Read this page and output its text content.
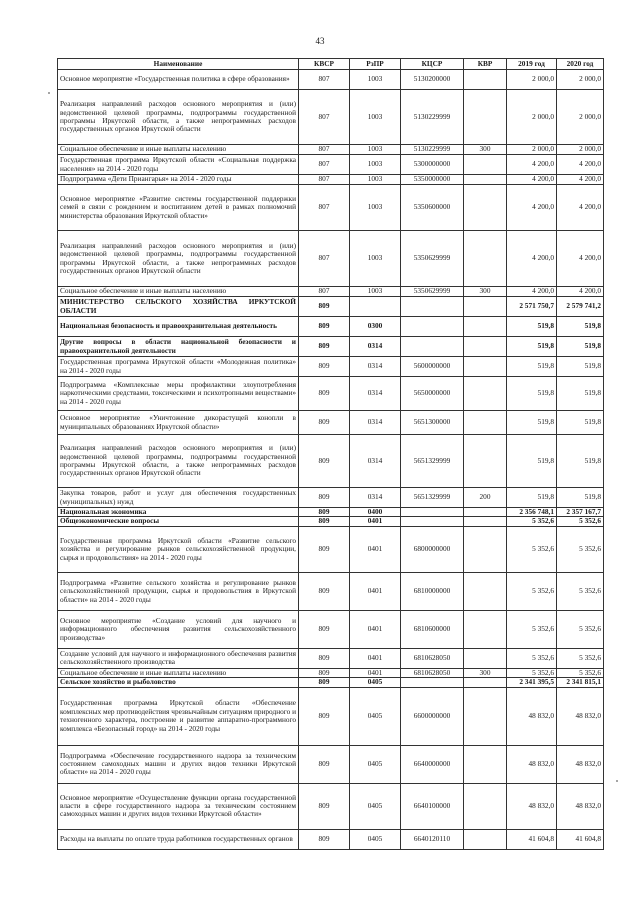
43
Наименование	КВСР	РзПР	КЦСР	КВР	2019 год	2020 год
Основное мероприятие «Государственная политика в сфере образования»	807	1003	5130200000		2 000,0	2 000,0
Реализация направлений расходов основного мероприятия и (или) ведомственной целевой программы, подпрограммы государственной программы Иркутской области, а также непрограммных расходов государственных органов Иркутской области	807	1003	5130229999		2 000,0	2 000,0
Социальное обеспечение и иные выплаты населению	807	1003	5130229999	300	2 000,0	2 000,0
Государственная программа Иркутской области «Социальная поддержка населения» на 2014 - 2020 годы	807	1003	5300000000		4 200,0	4 200,0
Подпрограмма «Дети Приангарья» на 2014 - 2020 годы	807	1003	5350000000		4 200,0	4 200,0
Основное мероприятие «Развитие системы государственной поддержки семей в связи с рождением и воспитанием детей в рамках полномочий министерства образования Иркутской области»	807	1003	5350600000		4 200,0	4 200,0
Реализация направлений расходов основного мероприятия и (или) ведомственной целевой программы, подпрограммы государственной программы Иркутской области, а также непрограммных расходов государственных органов Иркутской области	807	1003	5350629999		4 200,0	4 200,0
Социальное обеспечение и иные выплаты населению	807	1003	5350629999	300	4 200,0	4 200,0
МИНИСТЕРСТВО СЕЛЬСКОГО ХОЗЯЙСТВА ИРКУТСКОЙ ОБЛАСТИ	809				2 571 750,7	2 579 741,2
Национальная безопасность и правоохранительная деятельность	809	0300			519,8	519,8
Другие вопросы в области национальной безопасности и правоохранительной деятельности	809	0314			519,8	519,8
Государственная программа Иркутской области «Молодежная политика» на 2014 - 2020 годы	809	0314	5600000000		519,8	519,8
Подпрограмма «Комплексные меры профилактики злоупотребления наркотическими средствами, токсическими и психотропными веществами» на 2014 - 2020 годы	809	0314	5650000000		519,8	519,8
Основное мероприятие «Уничтожение дикорастущей конопли в муниципальных образованиях Иркутской области»	809	0314	5651300000		519,8	519,8
Реализация направлений расходов основного мероприятия и (или) ведомственной целевой программы, подпрограммы государственной программы Иркутской области, а также непрограммных расходов государственных органов Иркутской области	809	0314	5651329999		519,8	519,8
Закупка товаров, работ и услуг для обеспечения государственных (муниципальных) нужд	809	0314	5651329999	200	519,8	519,8
Национальная экономика	809	0400			2 356 748,1	2 357 167,7
Общеэкономические вопросы	809	0401			5 352,6	5 352,6
Государственная программа Иркутской области «Развитие сельского хозяйства и регулирование рынков сельскохозяйственной продукции, сырья и продовольствия» на 2014 - 2020 годы	809	0401	6800000000		5 352,6	5 352,6
Подпрограмма «Развитие сельского хозяйства и регулирование рынков сельскохозяйственной продукции, сырья и продовольствия в Иркутской области» на 2014 - 2020 годы	809	0401	6810000000		5 352,6	5 352,6
Основное мероприятие «Создание условий для научного и информационного обеспечения развития сельскохозяйственного производства»	809	0401	6810600000		5 352,6	5 352,6
Создание условий для научного и информационного обеспечения развития сельскохозяйственного производства	809	0401	6810628050		5 352,6	5 352,6
Социальное обеспечение и иные выплаты населению	809	0401	6810628050	300	5 352,6	5 352,6
Сельское хозяйство и рыболовство	809	0405			2 341 395,5	2 341 815,1
Государственная программа Иркутской области «Обеспечение комплексных мер противодействия чрезвычайным ситуациям природного и техногенного характера, построение и развитие аппаратно-программного комплекса «Безопасный город» на 2014 - 2020 годы	809	0405	6600000000		48 832,0	48 832,0
Подпрограмма «Обеспечение государственного надзора за техническим состоянием самоходных машин и других видов техники Иркутской области» на 2014 - 2020 годы	809	0405	6640000000		48 832,0	48 832,0
Основное мероприятие «Осуществление функции органа государственной власти в сфере государственного надзора за техническим состоянием самоходных машин и других видов техники Иркутской области»	809	0405	6640100000		48 832,0	48 832,0
Расходы на выплаты по оплате труда работников государственных органов	809	0405	6640120110		41 604,8	41 604,8
